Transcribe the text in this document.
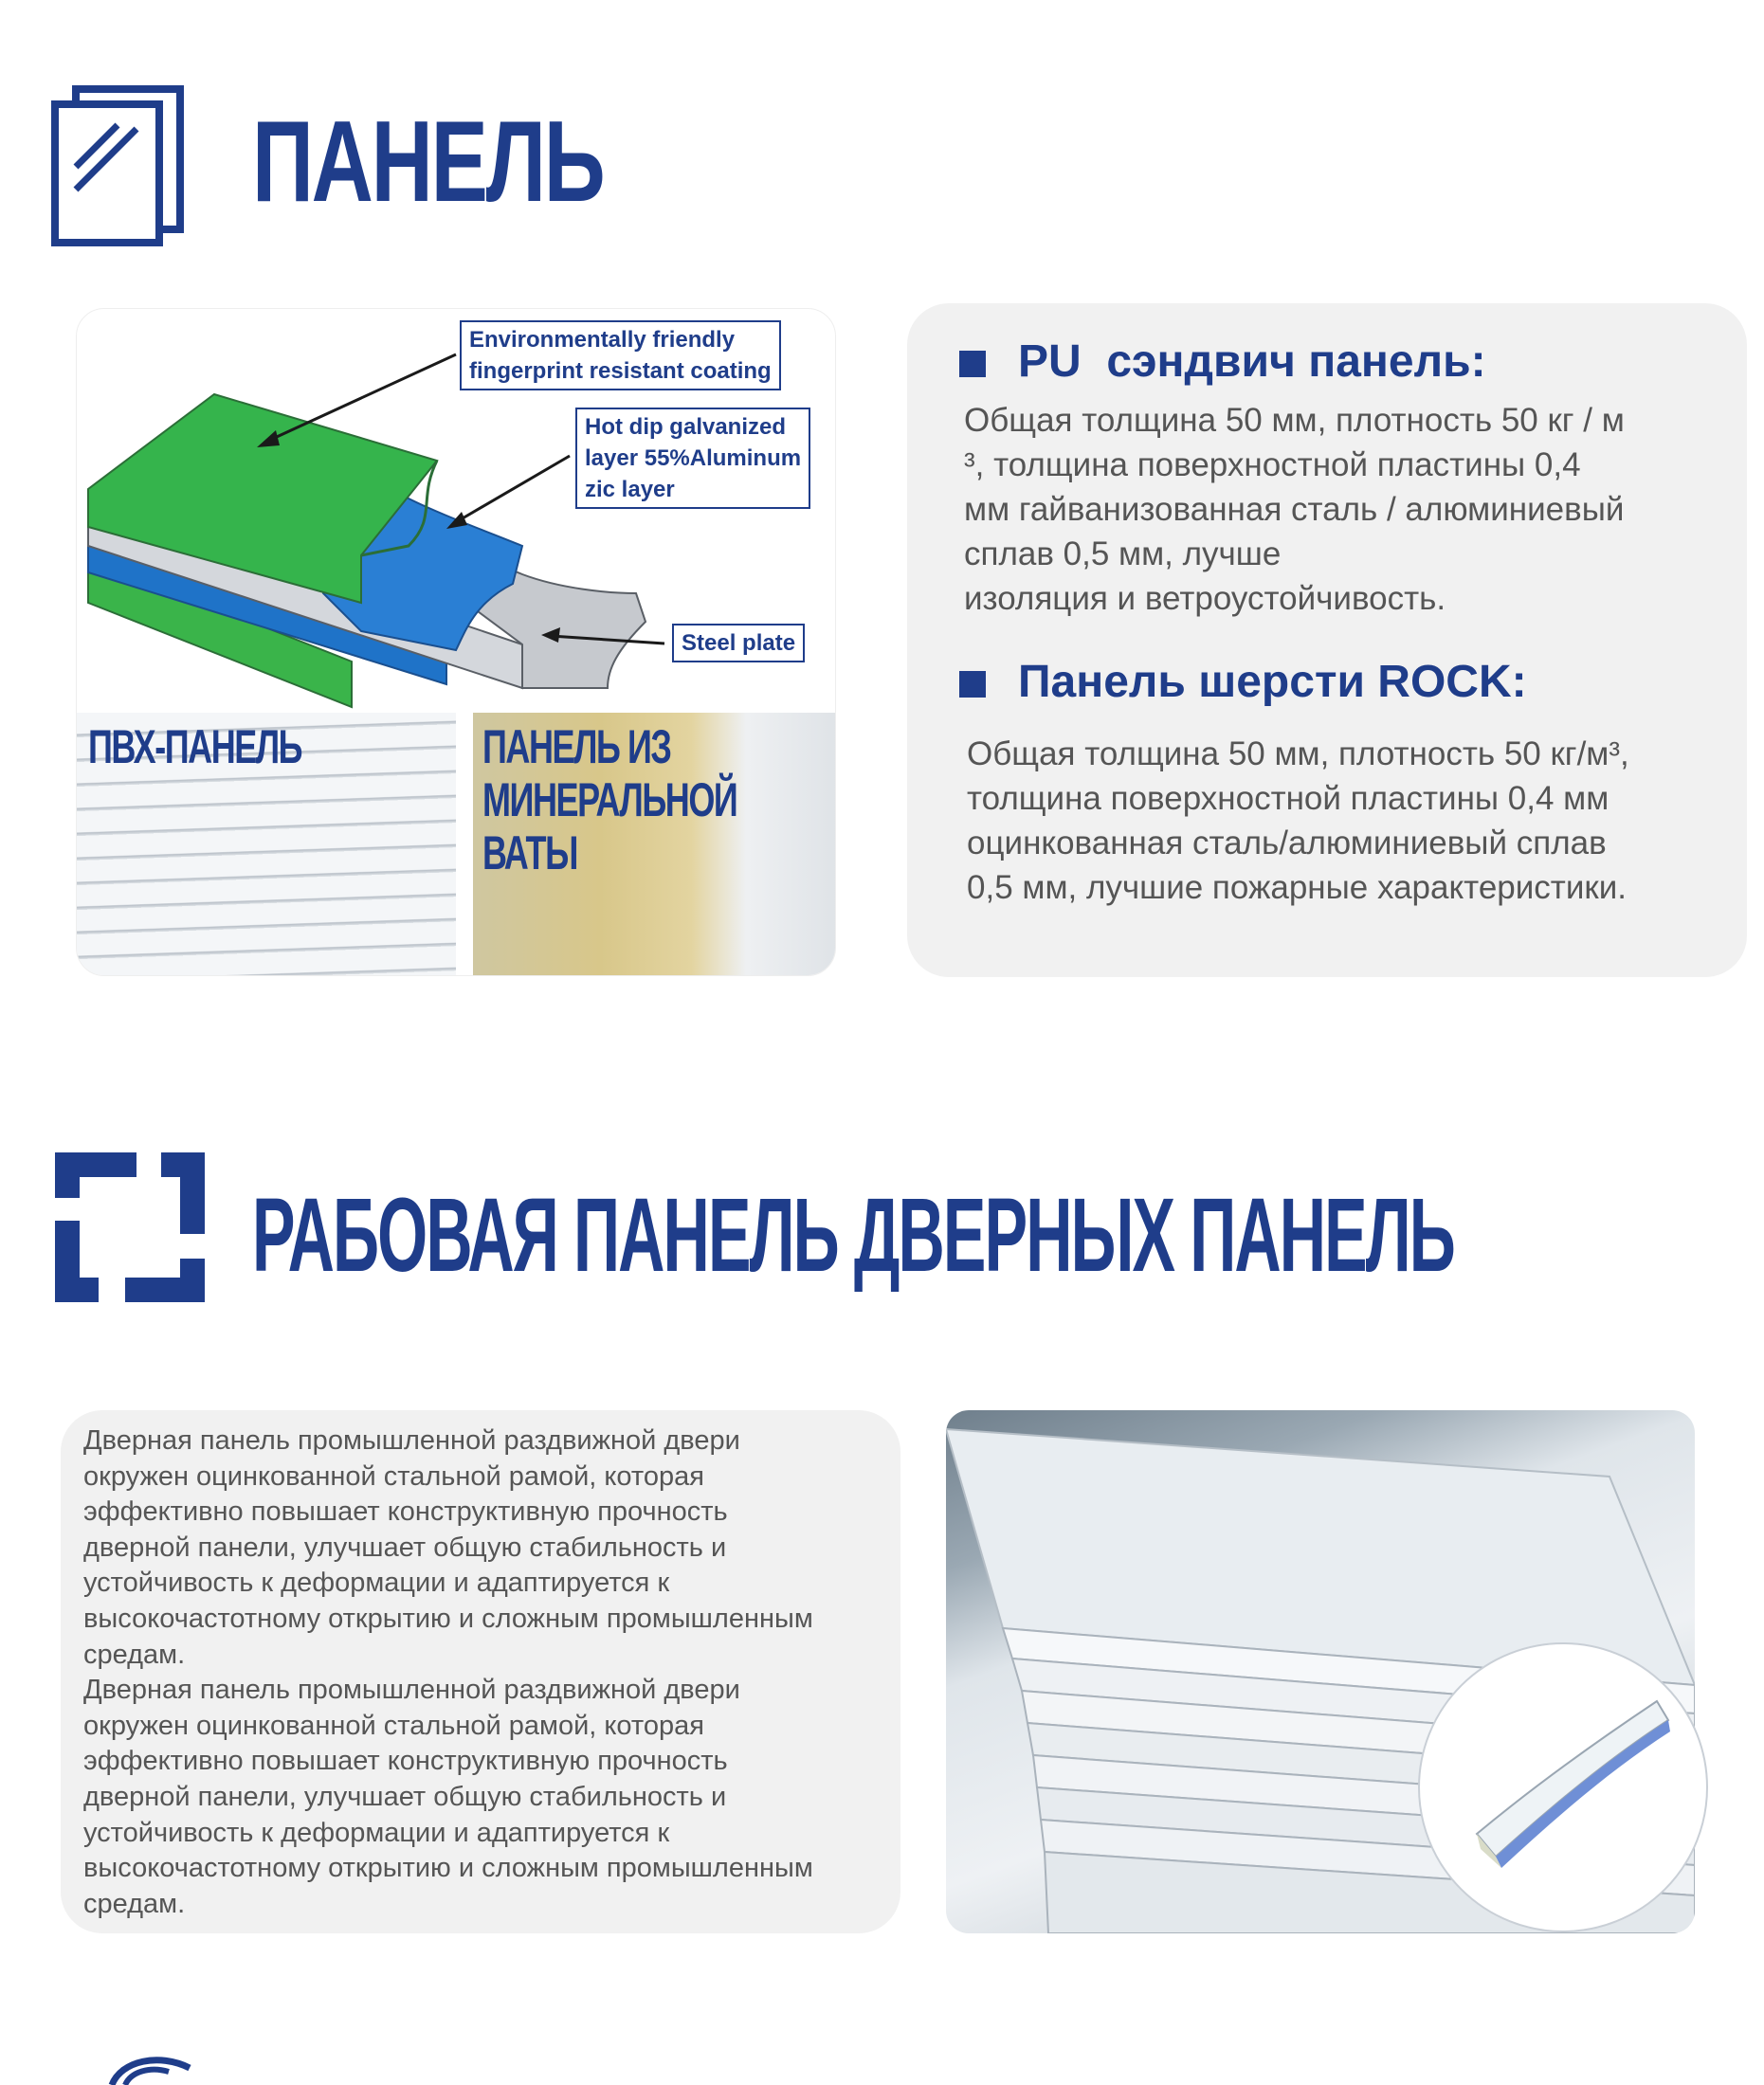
ПАНЕЛЬ
Environmentally friendly
fingerprint resistant coating
Hot dip galvanized
layer 55%Aluminum
zic layer
Steel plate
ПВХ-ПАНЕЛЬ	ПАНЕЛЬ ИЗ
МИНЕРАЛЬНОЙ
ВАТЫ
PU  сэндвич панель:
Общая толщина 50 мм, плотность 50 кг / м
³, толщина поверхностной пластины 0,4
мм гайванизованная сталь / алюминиевый
сплав 0,5 мм, лучше
изоляция и ветроустойчивость.
Панель шерсти ROCK:
Общая толщина 50 мм, плотность 50 кг/м³,
толщина поверхностной пластины 0,4 мм
оцинкованная сталь/алюминиевый сплав
0,5 мм, лучшие пожарные характеристики.
РАБОВАЯ ПАНЕЛЬ ДВЕРНЫХ ПАНЕЛЬ
Дверная панель промышленной раздвижной двери
окружен оцинкованной стальной рамой, которая
эффективно повышает конструктивную прочность
дверной панели, улучшает общую стабильность и
устойчивость к деформации и адаптируется к
высокочастотному открытию и сложным промышленным
средам.
Дверная панель промышленной раздвижной двери
окружен оцинкованной стальной рамой, которая
эффективно повышает конструктивную прочность
дверной панели, улучшает общую стабильность и
устойчивость к деформации и адаптируется к
высокочастотному открытию и сложным промышленным
средам.
